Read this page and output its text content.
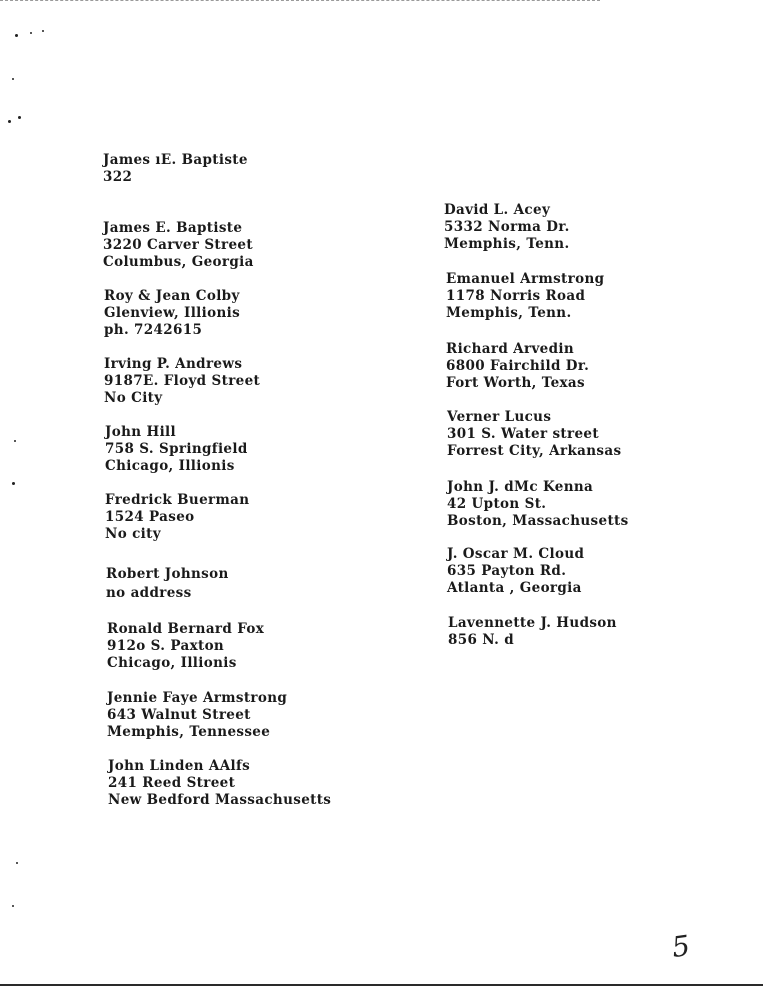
James ıE. Baptiste
322
James E. Baptiste
3220 Carver Street
Columbus, Georgia
Roy & Jean Colby
Glenview, Illionis
ph. 7242615
Irving P. Andrews
9187E. Floyd Street
No City
John Hill
758 S. Springfield
Chicago, Illionis
Fredrick Buerman
1524 Paseo
No city
Robert Johnson
no address
Ronald Bernard Fox
912o S. Paxton
Chicago, Illionis
Jennie Faye Armstrong
643 Walnut Street
Memphis, Tennessee
John Linden AAlfs
241 Reed Street
New Bedford Massachusetts
David L. Acey
5332 Norma Dr.
Memphis, Tenn.
Emanuel Armstrong
1178 Norris Road
Memphis, Tenn.
Richard Arvedin
6800 Fairchild Dr.
Fort Worth, Texas
Verner Lucus
301 S. Water street
Forrest City, Arkansas
John J. dMc Kenna
42 Upton St.
Boston, Massachusetts
J. Oscar M. Cloud
635 Payton Rd.
Atlanta , Georgia
Lavennette J. Hudson
856 N. d
5
